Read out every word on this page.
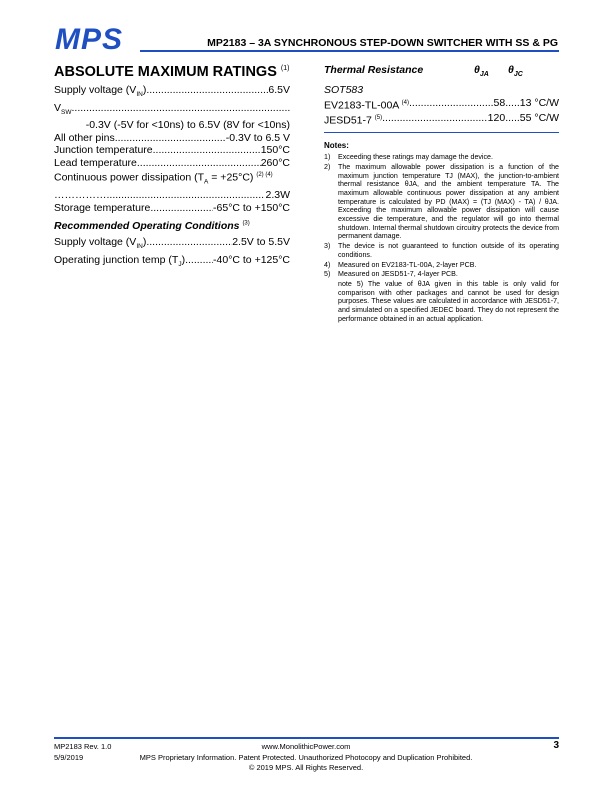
MPS	MP2183 – 3A SYNCHRONOUS STEP-DOWN SWITCHER WITH SS & PG
ABSOLUTE MAXIMUM RATINGS $^{(1)}$
Supply voltage $(V_{IN})$ .....	6.5V
$V_{SW}$
.....
-0.3V (-5V for <10ns) to 6.5V (8V for <10ns)
All other pins .....	-0.3V to 6.5 V
Junction temperature .....	150°C
Lead temperature .....	260°C
Continuous power dissipation $(T_A = +25^\circ C)$ $^{(2) (4)}$
…………… .....	2.3W
Storage temperature .....	-65°C to +150°C
Recommended Operating Conditions $^{(3)}$
Supply voltage $(V_{IN})$ .....	2.5V to 5.5V
Operating junction temp $(T_J)$ .....	-40°C to +125°C
Thermal Resistance	$\theta_{JA}$	$\theta_{JC}$
SOT583
EV2183-TL-00A $^{(4)}$ .....	58.....13 °C/W
JESD51-7 $^{(5)}$ .....	120.....55 °C/W
Notes:
1)	Exceeding these ratings may damage the device.
2)	The maximum allowable power dissipation is a function of the maximum junction temperature TJ (MAX), the junction-to-ambient thermal resistance θJA, and the ambient temperature TA. The maximum allowable continuous power dissipation at any ambient temperature is calculated by PD (MAX) = (TJ (MAX) - TA) / θJA. Exceeding the maximum allowable power dissipation will cause excessive die temperature, and the regulator will go into thermal shutdown. Internal thermal shutdown circuitry protects the device from permanent damage.
3)	The device is not guaranteed to function outside of its operating conditions.
4)	Measured on EV2183-TL-00A, 2-layer PCB.
5)	Measured on JESD51-7, 4-layer PCB.
note 5) The value of θJA given in this table is only valid for comparison with other packages and cannot be used for design purposes. These values are calculated in accordance with JESD51-7, and simulated on a specified JEDEC board. They do not represent the performance obtained in an actual application.
MP2183 Rev. 1.0
5/9/2019
www.MonolithicPower.com
MPS Proprietary Information. Patent Protected. Unauthorized Photocopy and Duplication Prohibited.
© 2019 MPS. All Rights Reserved.
3
